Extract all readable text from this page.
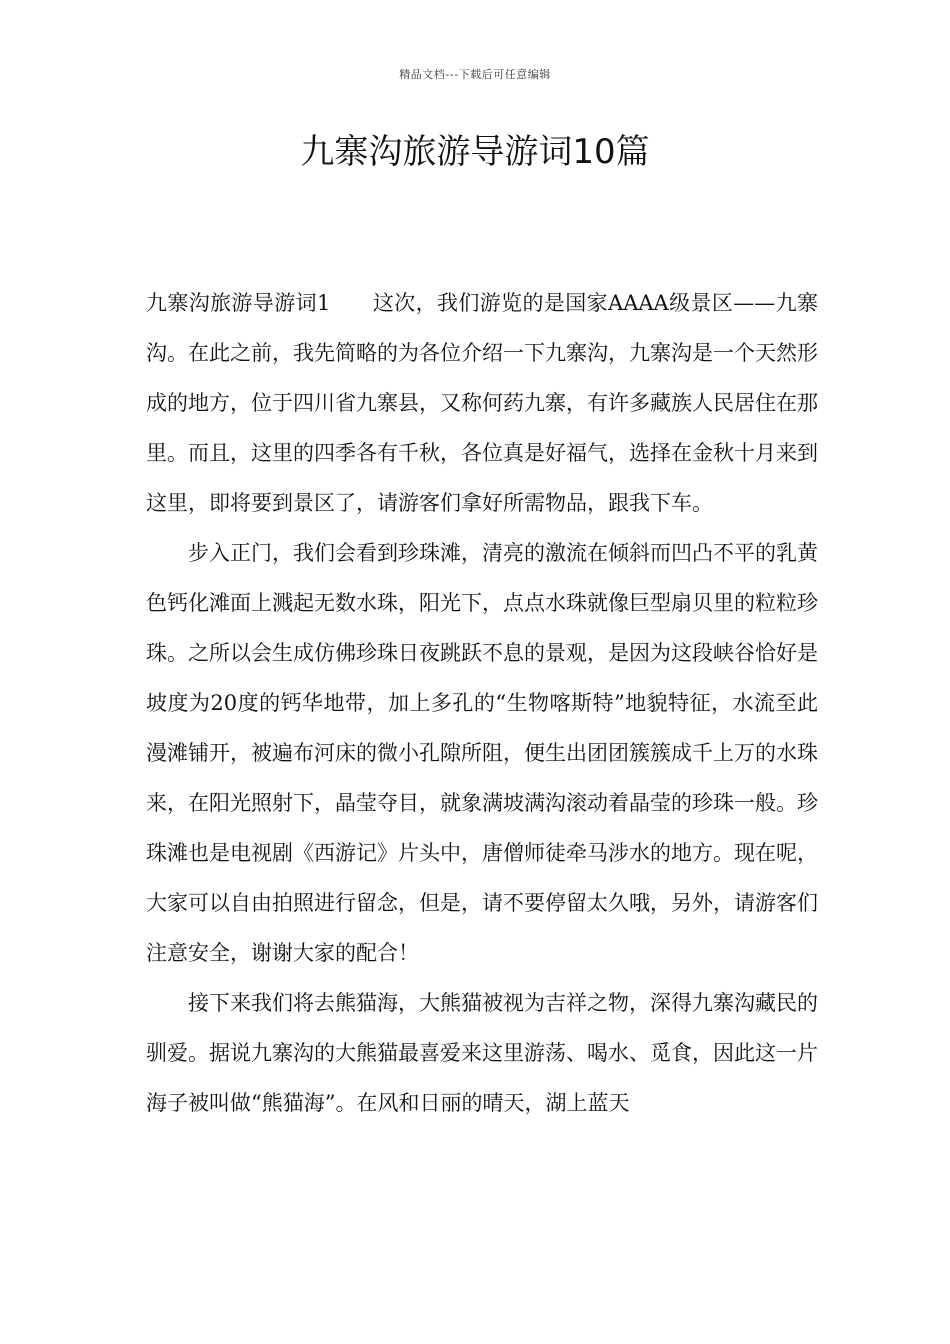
精品文档---下载后可任意编辑
九寨沟旅游导游词10篇

九寨沟旅游导游词1 这次，我们游览的是国家AAAA级景区——九寨沟。在此之前，我先简略的为各位介绍一下九寨沟，九寨沟是一个天然形成的地方，位于四川省九寨县，又称何药九寨，有许多藏族人民居住在那里。而且，这里的四季各有千秋，各位真是好福气，选择在金秋十月来到这里，即将要到景区了，请游客们拿好所需物品，跟我下车。

步入正门，我们会看到珍珠滩，清亮的激流在倾斜而凹凸不平的乳黄色钙化滩面上溅起无数水珠，阳光下，点点水珠就像巨型扇贝里的粒粒珍珠。之所以会生成仿佛珍珠日夜跳跃不息的景观，是因为这段峡谷恰好是坡度为20度的钙华地带，加上多孔的“生物喀斯特”地貌特征，水流至此漫滩铺开，被遍布河床的微小孔隙所阻，便生出团团簇簇成千上万的水珠来，在阳光照射下，晶莹夺目，就象满坡满沟滚动着晶莹的珍珠一般。珍珠滩也是电视剧《西游记》片头中，唐僧师徒牵马涉水的地方。现在呢，大家可以自由拍照进行留念，但是，请不要停留太久哦，另外，请游客们注意安全，谢谢大家的配合！

接下来我们将去熊猫海，大熊猫被视为吉祥之物，深得九寨沟藏民的驯爱。据说九寨沟的大熊猫最喜爱来这里游荡、喝水、觅食，因此这一片海子被叫做“熊猫海”。在风和日丽的晴天，湖上蓝天
